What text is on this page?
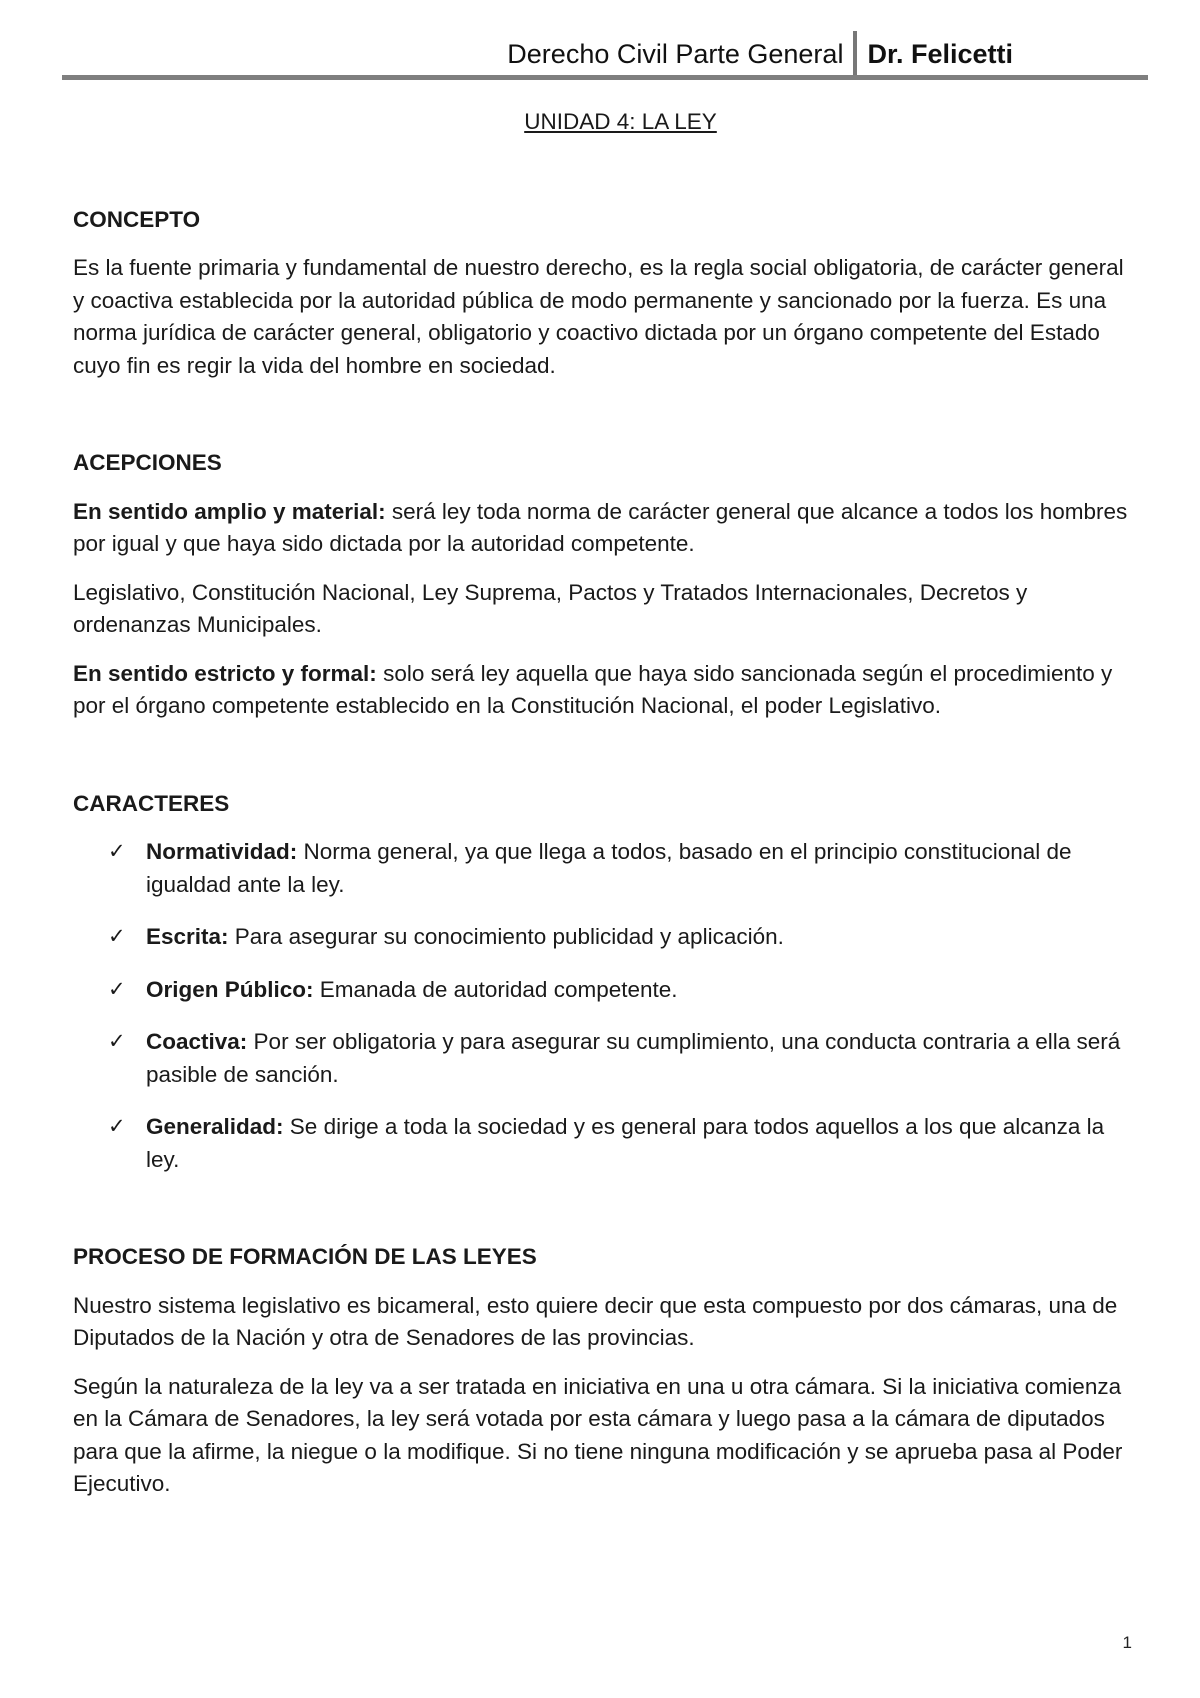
Derecho Civil Parte General Dr. Felicetti

UNIDAD 4: LA LEY

CONCEPTO

Es la fuente primaria y fundamental de nuestro derecho, es la regla social obligatoria, de carácter general y coactiva establecida por la autoridad pública de modo permanente y sancionado por la fuerza. Es una norma jurídica de carácter general, obligatorio y coactivo dictada por un órgano competente del Estado cuyo fin es regir la vida del hombre en sociedad.

ACEPCIONES

En sentido amplio y material: será ley toda norma de carácter general que alcance a todos los hombres por igual y que haya sido dictada por la autoridad competente.

Legislativo, Constitución Nacional, Ley Suprema, Pactos y Tratados Internacionales, Decretos y ordenanzas Municipales.

En sentido estricto y formal: solo será ley aquella que haya sido sancionada según el procedimiento y por el órgano competente establecido en la Constitución Nacional, el poder Legislativo.

CARACTERES
✓ Normatividad: Norma general, ya que llega a todos, basado en el principio constitucional de igualdad ante la ley.
✓ Escrita: Para asegurar su conocimiento publicidad y aplicación.
✓ Origen Público: Emanada de autoridad competente.
✓ Coactiva: Por ser obligatoria y para asegurar su cumplimiento, una conducta contraria a ella será pasible de sanción.
✓ Generalidad: Se dirige a toda la sociedad y es general para todos aquellos a los que alcanza la ley.
PROCESO DE FORMACIÓN DE LAS LEYES

Nuestro sistema legislativo es bicameral, esto quiere decir que esta compuesto por dos cámaras, una de Diputados de la Nación y otra de Senadores de las provincias.

Según la naturaleza de la ley va a ser tratada en iniciativa en una u otra cámara. Si la iniciativa comienza en la Cámara de Senadores, la ley será votada por esta cámara y luego pasa a la cámara de diputados para que la afirme, la niegue o la modifique. Si no tiene ninguna modificación y se aprueba pasa al Poder Ejecutivo.

1
